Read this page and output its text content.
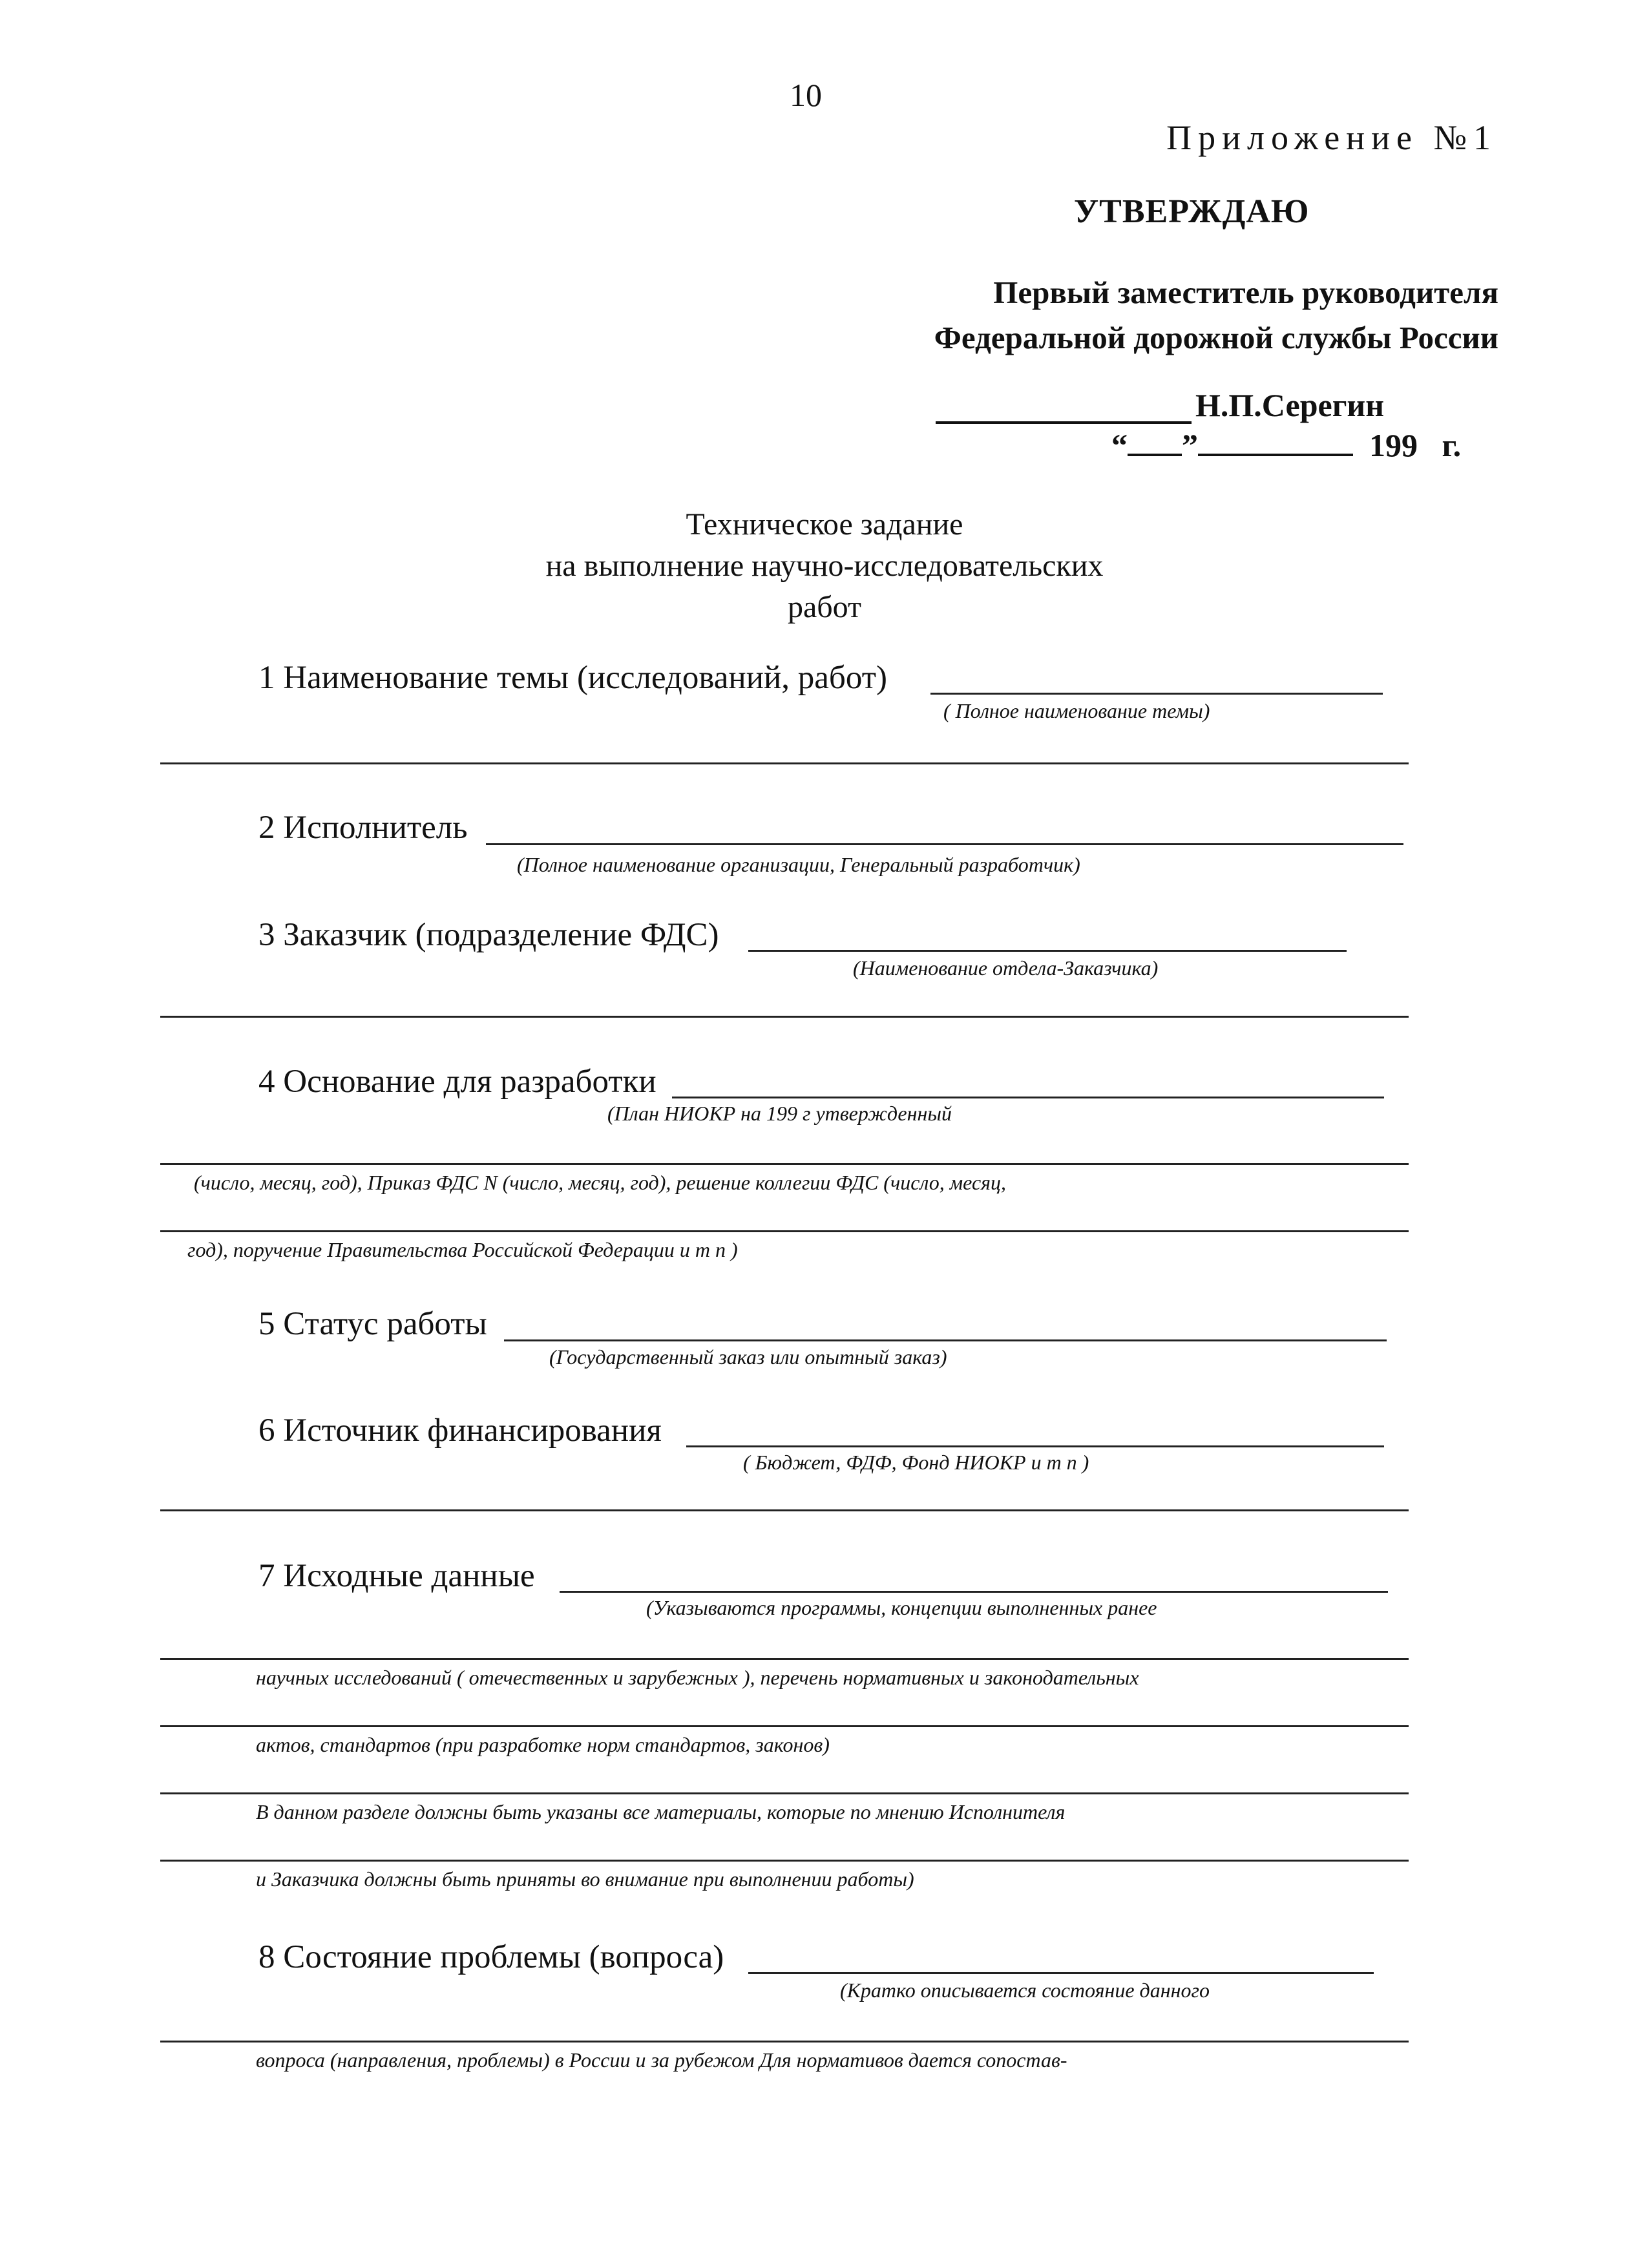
10
Приложение №1
УТВЕРЖДАЮ
Первый заместитель руководителя
Федеральной дорожной службы России
Н.П.Серегин
“ ”	199 г.
Техническое задание
на выполнение научно-исследовательских
работ
1 Наименование темы (исследований, работ)
( Полное наименование темы)
2 Исполнитель
(Полное наименование организации, Генеральный разработчик)
3 Заказчик (подразделение ФДС)
(Наименование отдела-Заказчика)
4 Основание для разработки
(План НИОКР на 199 г утвержденный
(число, месяц, год), Приказ ФДС N (число, месяц, год), решение коллегии ФДС (число, месяц,
год), поручение Правительства Российской Федерации и т п )
5 Статус работы
(Государственный заказ или опытный заказ)
6 Источник финансирования
( Бюджет, ФДФ, Фонд НИОКР и т п )
7 Исходные данные
(Указываются программы, концепции выполненных ранее
научных исследований ( отечественных и зарубежных ), перечень нормативных и законодательных
актов, стандартов (при разработке норм стандартов, законов)
В данном разделе должны быть указаны все материалы, которые по мнению Исполнителя
и Заказчика должны быть приняты во внимание при выполнении работы)
8 Состояние проблемы (вопроса)
(Кратко описывается состояние данного
вопроса (направления, проблемы) в России и за рубежом Для нормативов дается сопостав-
